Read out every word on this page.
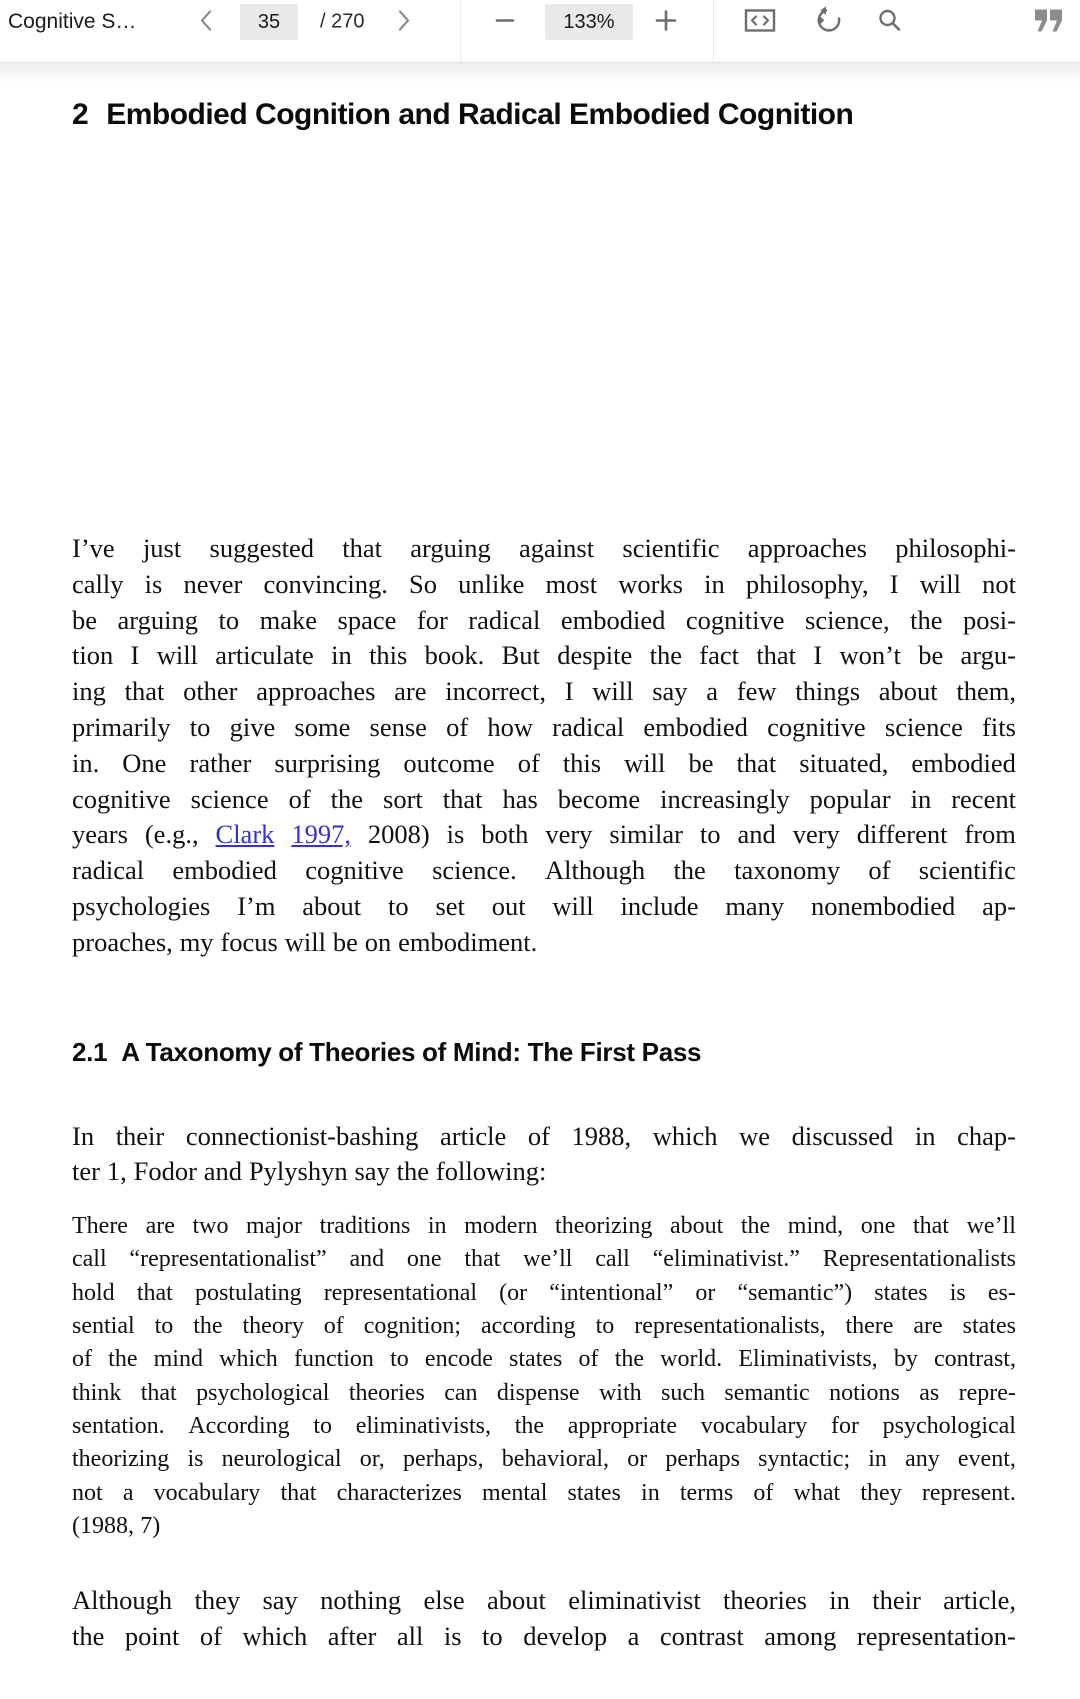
Cognitive S…	35	/ 270	133%
2 Embodied Cognition and Radical Embodied Cognition
I’ve just suggested that arguing against scientific approaches philosophi-
cally is never convincing. So unlike most works in philosophy, I will not
be arguing to make space for radical embodied cognitive science, the posi-
tion I will articulate in this book. But despite the fact that I won’t be argu-
ing that other approaches are incorrect, I will say a few things about them,
primarily to give some sense of how radical embodied cognitive science fits
in. One rather surprising outcome of this will be that situated, embodied
cognitive science of the sort that has become increasingly popular in recent
years (e.g., Clark 1997, 2008) is both very similar to and very different from
radical embodied cognitive science. Although the taxonomy of scientific
psychologies I’m about to set out will include many nonembodied ap-
proaches, my focus will be on embodiment.
2.1 A Taxonomy of Theories of Mind: The First Pass
In their connectionist-bashing article of 1988, which we discussed in chap-
ter 1, Fodor and Pylyshyn say the following:
There are two major traditions in modern theorizing about the mind, one that we’ll
call “representationalist” and one that we’ll call “eliminativist.” Representationalists
hold that postulating representational (or “intentional” or “semantic”) states is es-
sential to the theory of cognition; according to representationalists, there are states
of the mind which function to encode states of the world. Eliminativists, by contrast,
think that psychological theories can dispense with such semantic notions as repre-
sentation. According to eliminativists, the appropriate vocabulary for psychological
theorizing is neurological or, perhaps, behavioral, or perhaps syntactic; in any event,
not a vocabulary that characterizes mental states in terms of what they represent.
(1988, 7)
Although they say nothing else about eliminativist theories in their article,
the point of which after all is to develop a contrast among representation-
